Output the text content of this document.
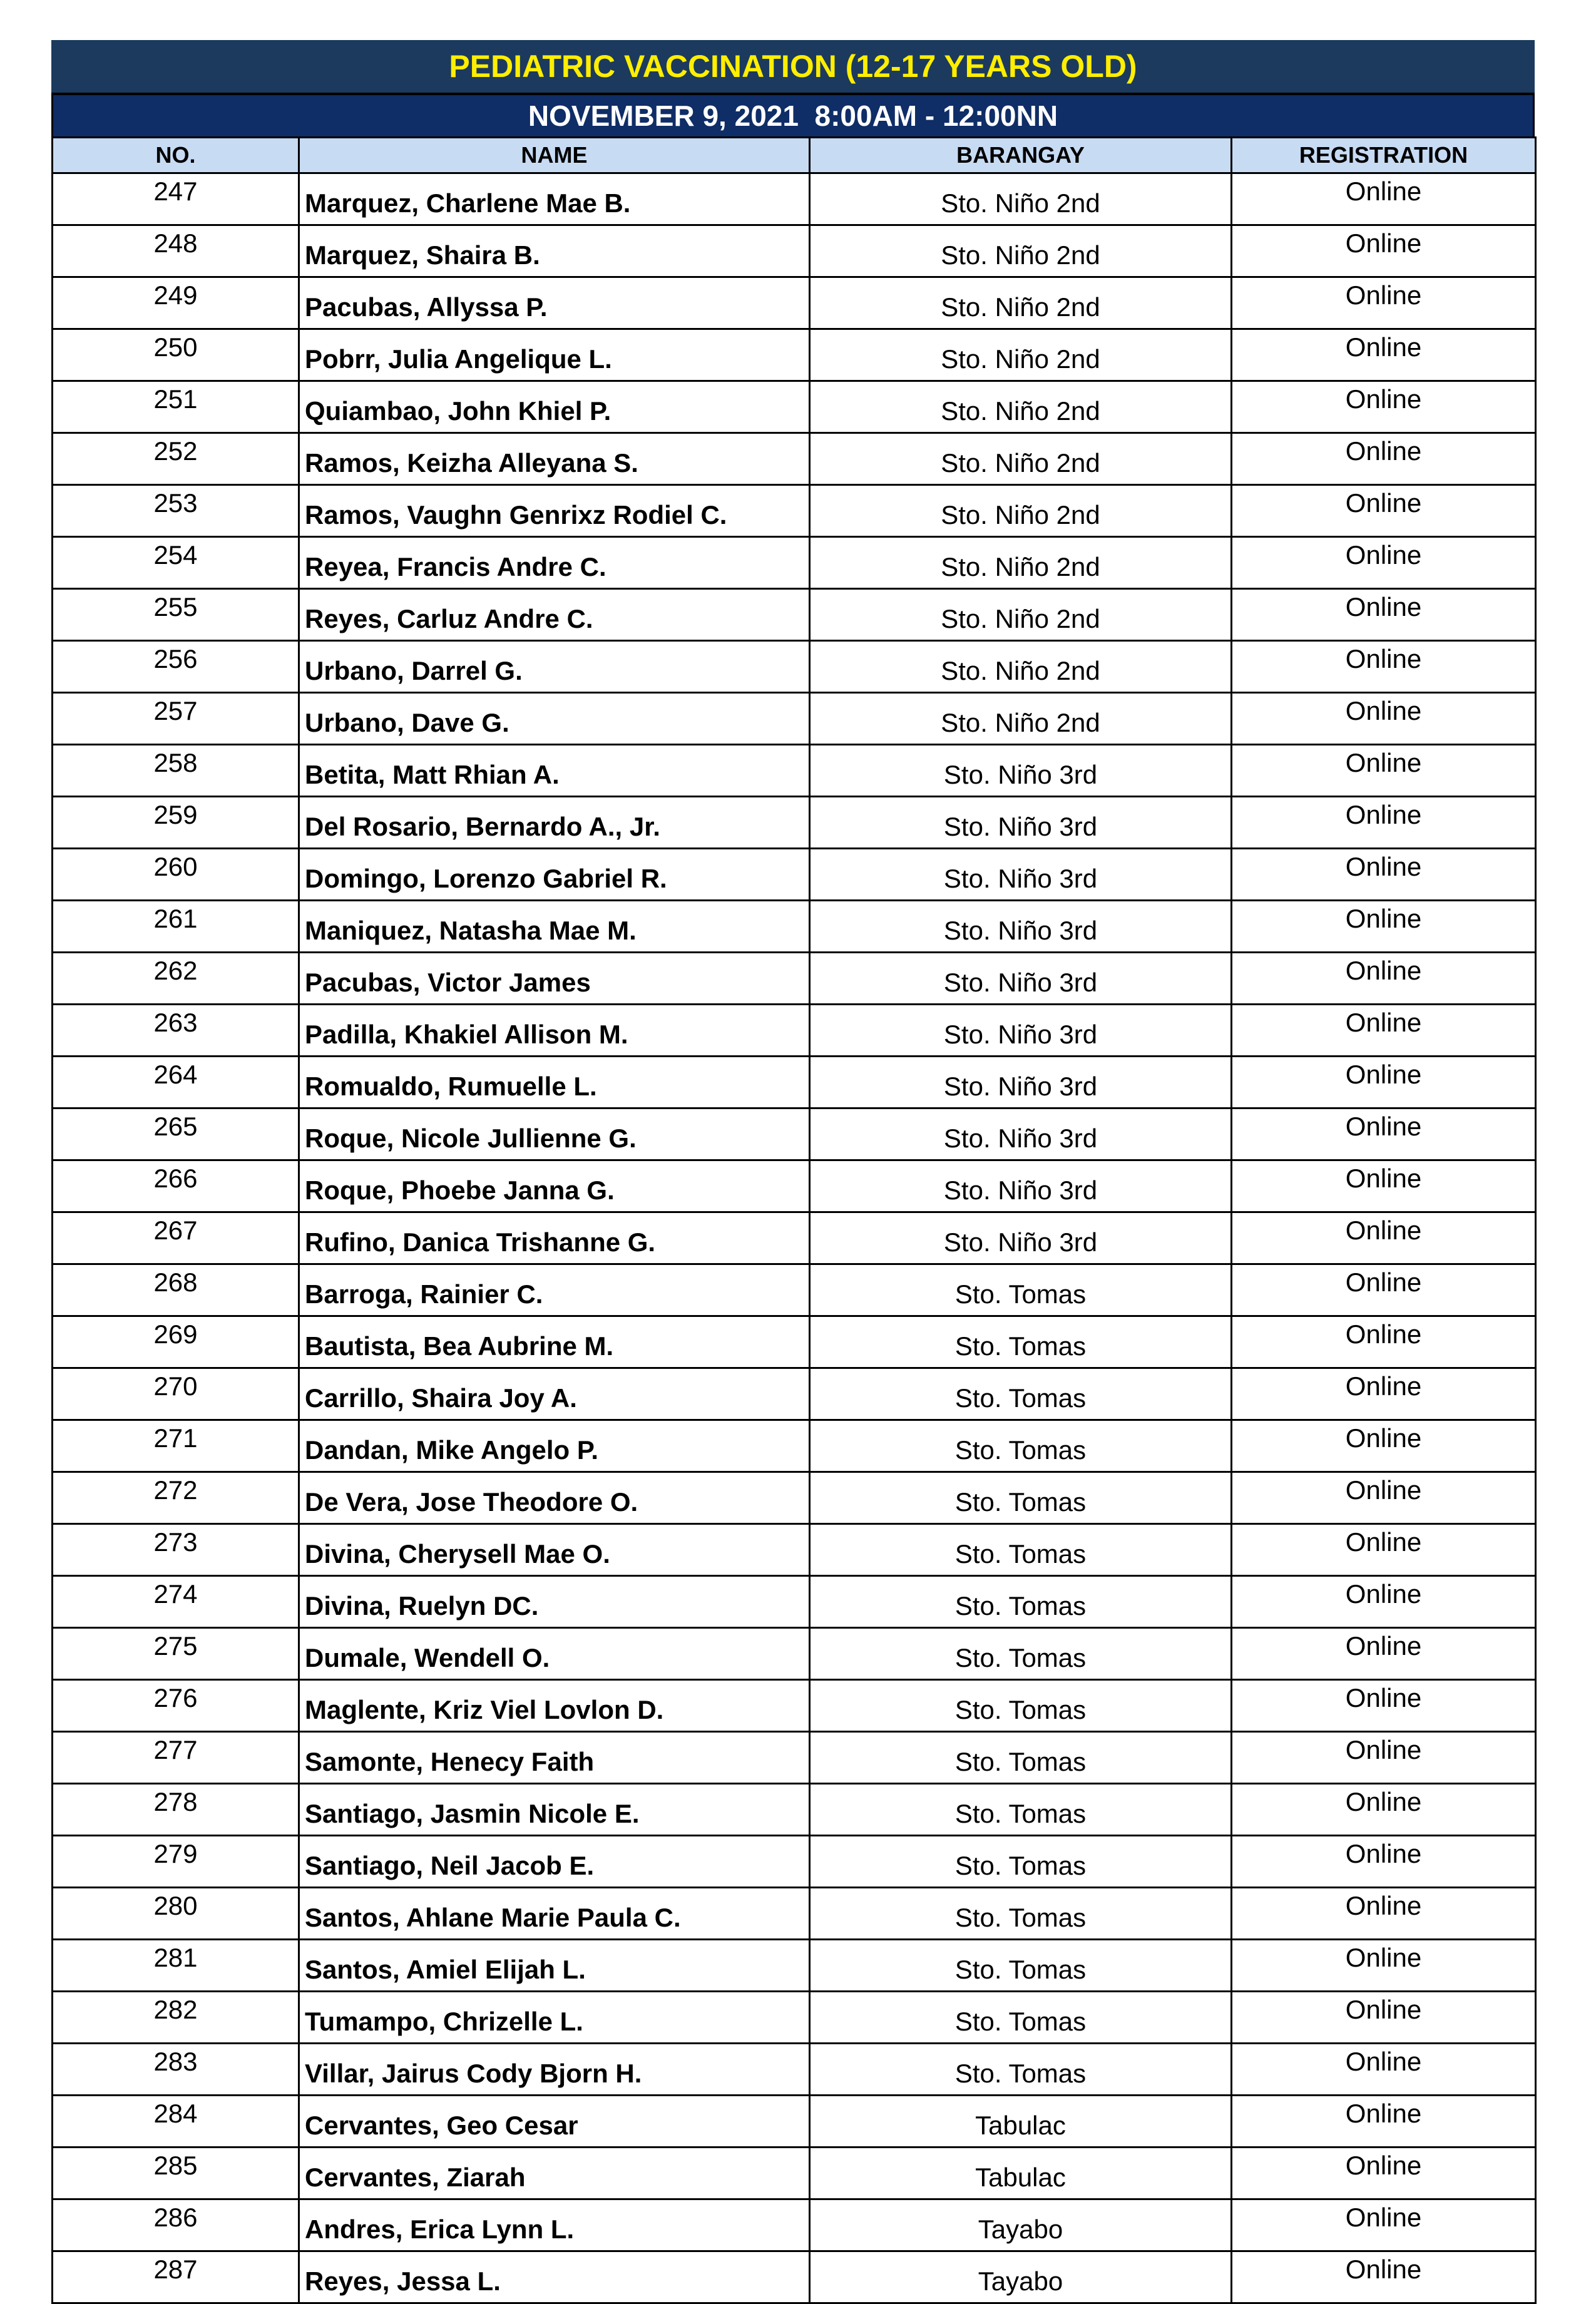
PEDIATRIC VACCINATION (12-17 YEARS OLD)
NOVEMBER 9, 2021  8:00AM - 12:00NN
NO.	NAME	BARANGAY	REGISTRATION
247	Marquez, Charlene Mae B.	Sto. Niño 2nd	Online
248	Marquez, Shaira B.	Sto. Niño 2nd	Online
249	Pacubas, Allyssa P.	Sto. Niño 2nd	Online
250	Pobrr, Julia Angelique L.	Sto. Niño 2nd	Online
251	Quiambao, John Khiel P.	Sto. Niño 2nd	Online
252	Ramos, Keizha Alleyana S.	Sto. Niño 2nd	Online
253	Ramos, Vaughn Genrixz Rodiel C.	Sto. Niño 2nd	Online
254	Reyea, Francis Andre C.	Sto. Niño 2nd	Online
255	Reyes, Carluz Andre C.	Sto. Niño 2nd	Online
256	Urbano, Darrel G.	Sto. Niño 2nd	Online
257	Urbano, Dave G.	Sto. Niño 2nd	Online
258	Betita, Matt Rhian A.	Sto. Niño 3rd	Online
259	Del Rosario, Bernardo A., Jr.	Sto. Niño 3rd	Online
260	Domingo, Lorenzo Gabriel R.	Sto. Niño 3rd	Online
261	Maniquez, Natasha Mae M.	Sto. Niño 3rd	Online
262	Pacubas, Victor James	Sto. Niño 3rd	Online
263	Padilla, Khakiel Allison M.	Sto. Niño 3rd	Online
264	Romualdo, Rumuelle L.	Sto. Niño 3rd	Online
265	Roque, Nicole Jullienne G.	Sto. Niño 3rd	Online
266	Roque, Phoebe Janna G.	Sto. Niño 3rd	Online
267	Rufino, Danica Trishanne G.	Sto. Niño 3rd	Online
268	Barroga, Rainier C.	Sto. Tomas	Online
269	Bautista, Bea Aubrine M.	Sto. Tomas	Online
270	Carrillo, Shaira Joy A.	Sto. Tomas	Online
271	Dandan, Mike Angelo P.	Sto. Tomas	Online
272	De Vera, Jose Theodore O.	Sto. Tomas	Online
273	Divina, Cherysell Mae O.	Sto. Tomas	Online
274	Divina, Ruelyn DC.	Sto. Tomas	Online
275	Dumale, Wendell O.	Sto. Tomas	Online
276	Maglente, Kriz Viel Lovlon D.	Sto. Tomas	Online
277	Samonte, Henecy Faith	Sto. Tomas	Online
278	Santiago, Jasmin Nicole E.	Sto. Tomas	Online
279	Santiago, Neil Jacob E.	Sto. Tomas	Online
280	Santos, Ahlane Marie Paula C.	Sto. Tomas	Online
281	Santos, Amiel Elijah L.	Sto. Tomas	Online
282	Tumampo, Chrizelle L.	Sto. Tomas	Online
283	Villar, Jairus Cody Bjorn H.	Sto. Tomas	Online
284	Cervantes, Geo Cesar	Tabulac	Online
285	Cervantes, Ziarah	Tabulac	Online
286	Andres, Erica Lynn L.	Tayabo	Online
287	Reyes, Jessa L.	Tayabo	Online
